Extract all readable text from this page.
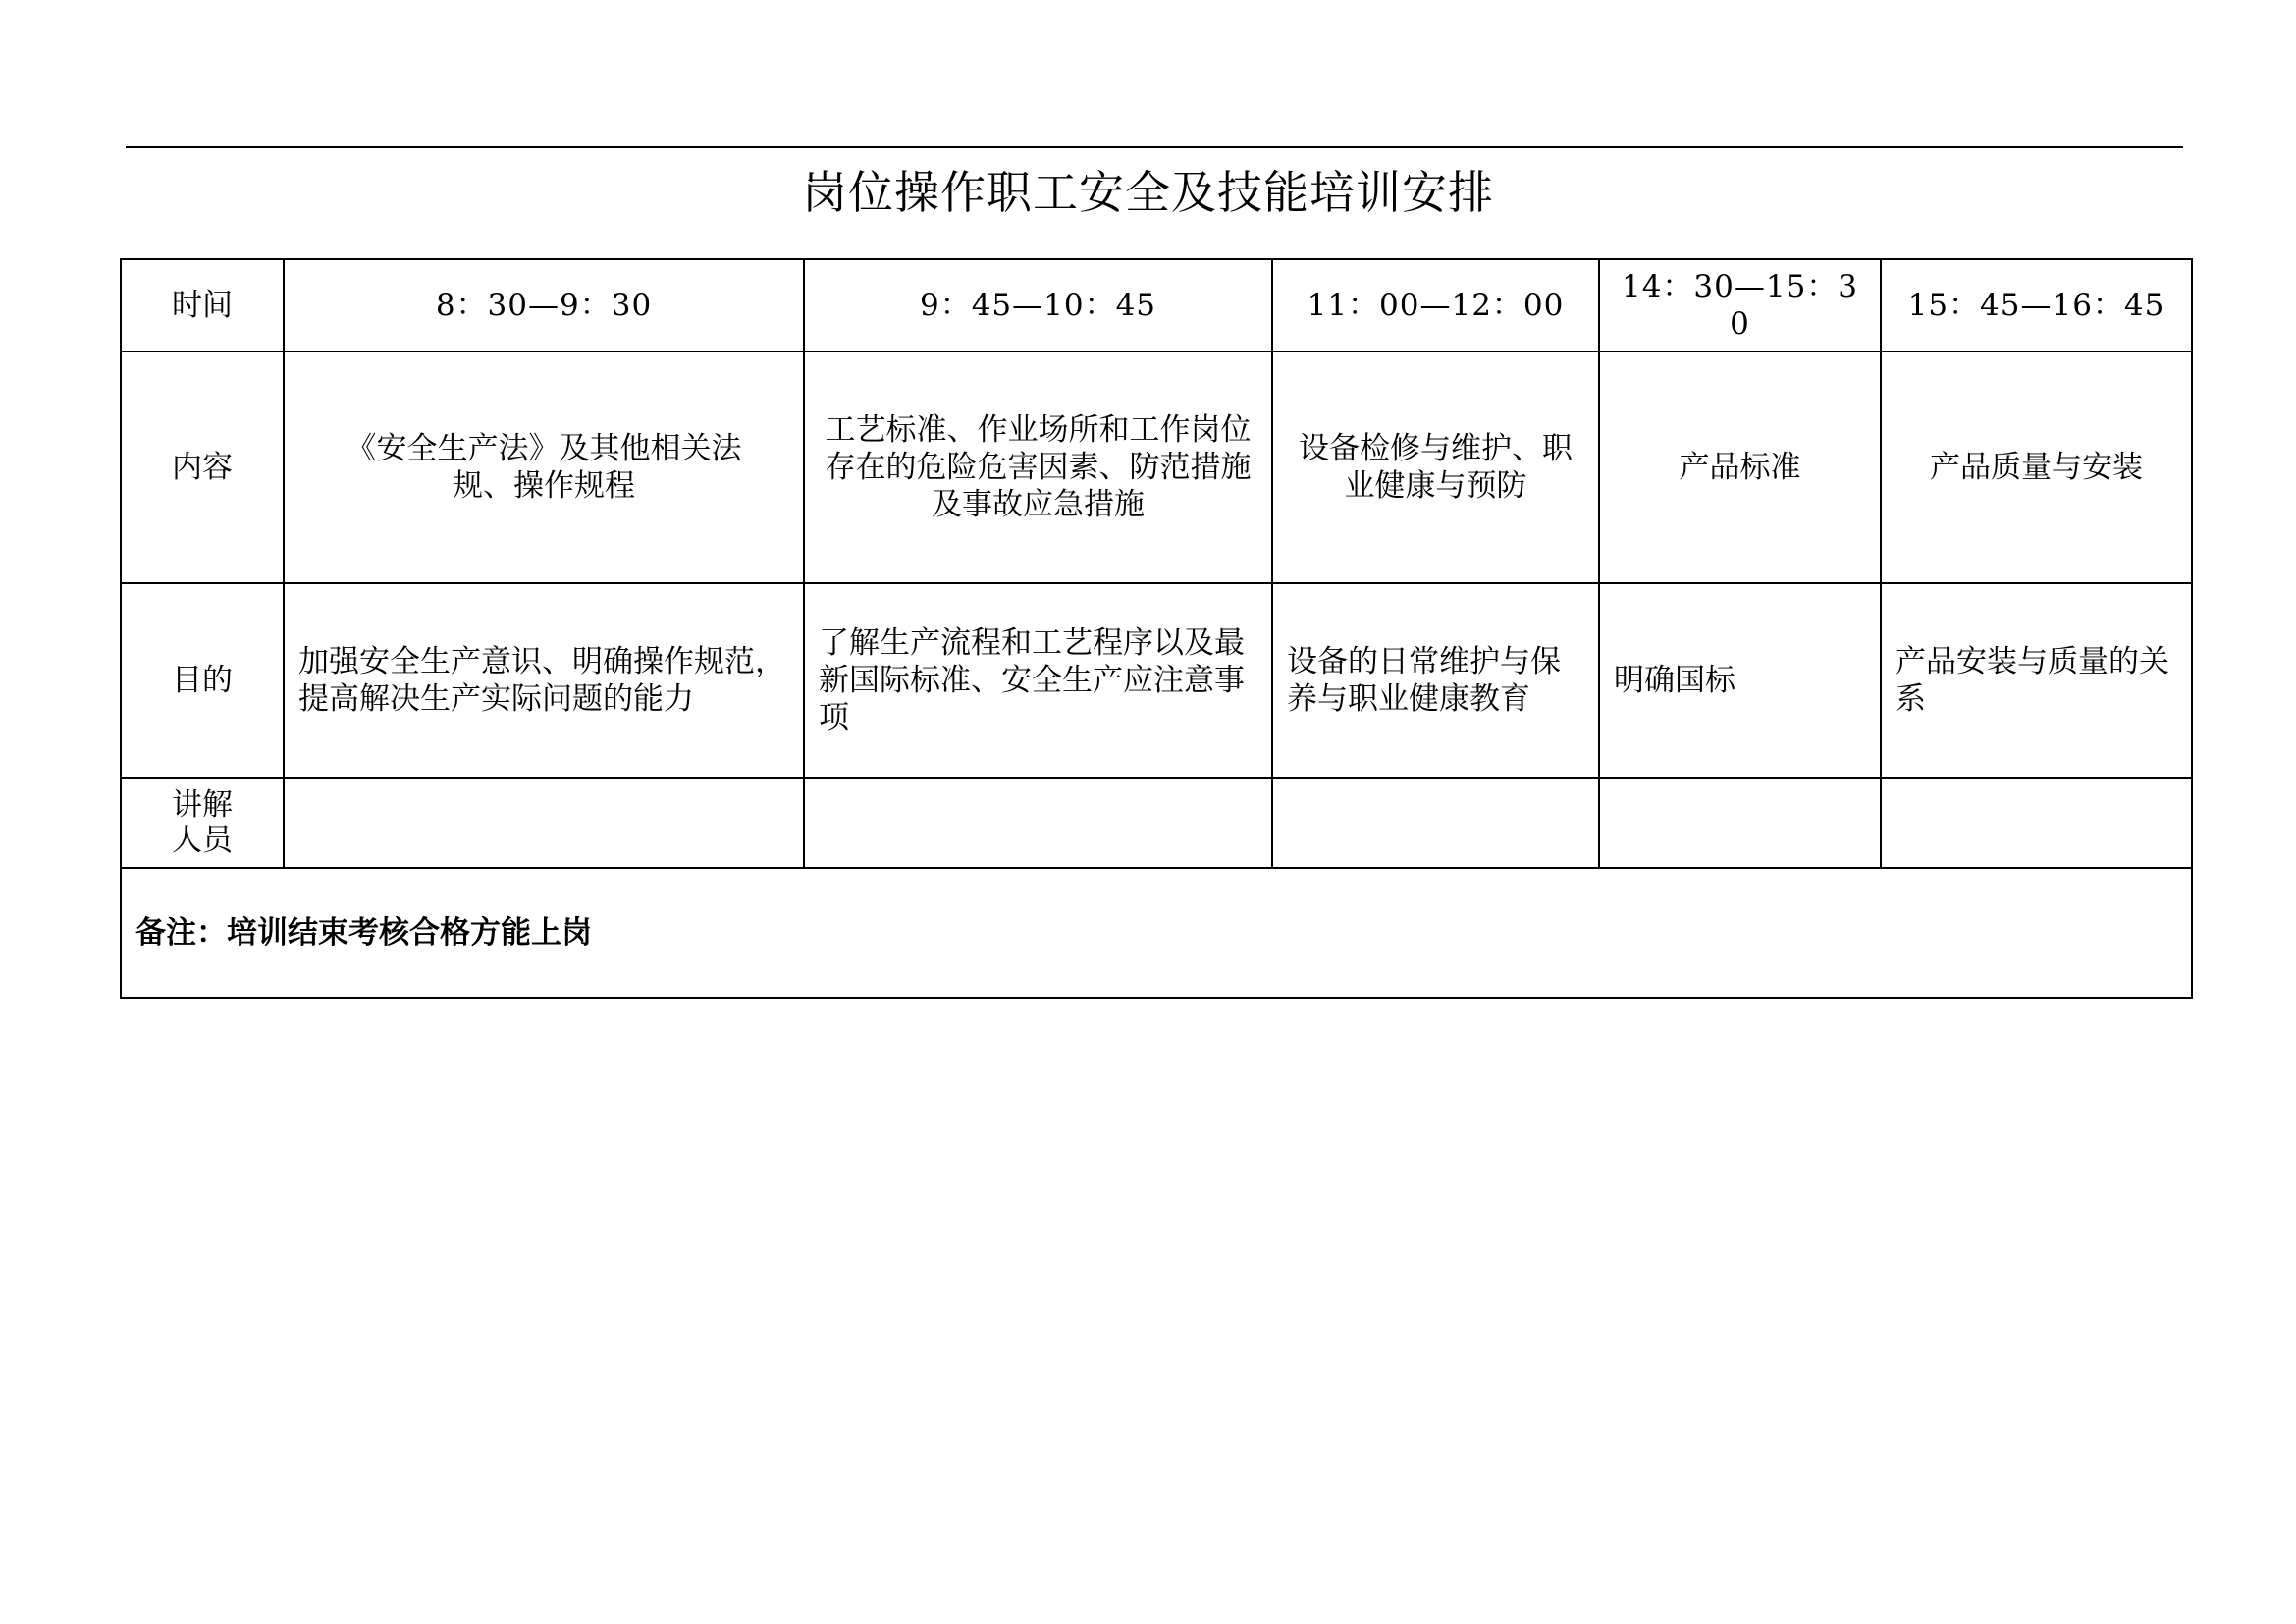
岗位操作职工安全及技能培训安排
时间	8：30—9：30	9：45—10：45	11：00—12：00	14：30—15：30	15：45—16：45
内容	《安全生产法》及其他相关法规、操作规程	工艺标准、作业场所和工作岗位存在的危险危害因素、防范措施及事故应急措施	设备检修与维护、职业健康与预防	产品标准	产品质量与安装
目的	加强安全生产意识、明确操作规范，提高解决生产实际问题的能力	了解生产流程和工艺程序以及最新国际标准、安全生产应注意事项	设备的日常维护与保养与职业健康教育	明确国标	产品安装与质量的关系
讲解人员					
备注：培训结束考核合格方能上岗					
